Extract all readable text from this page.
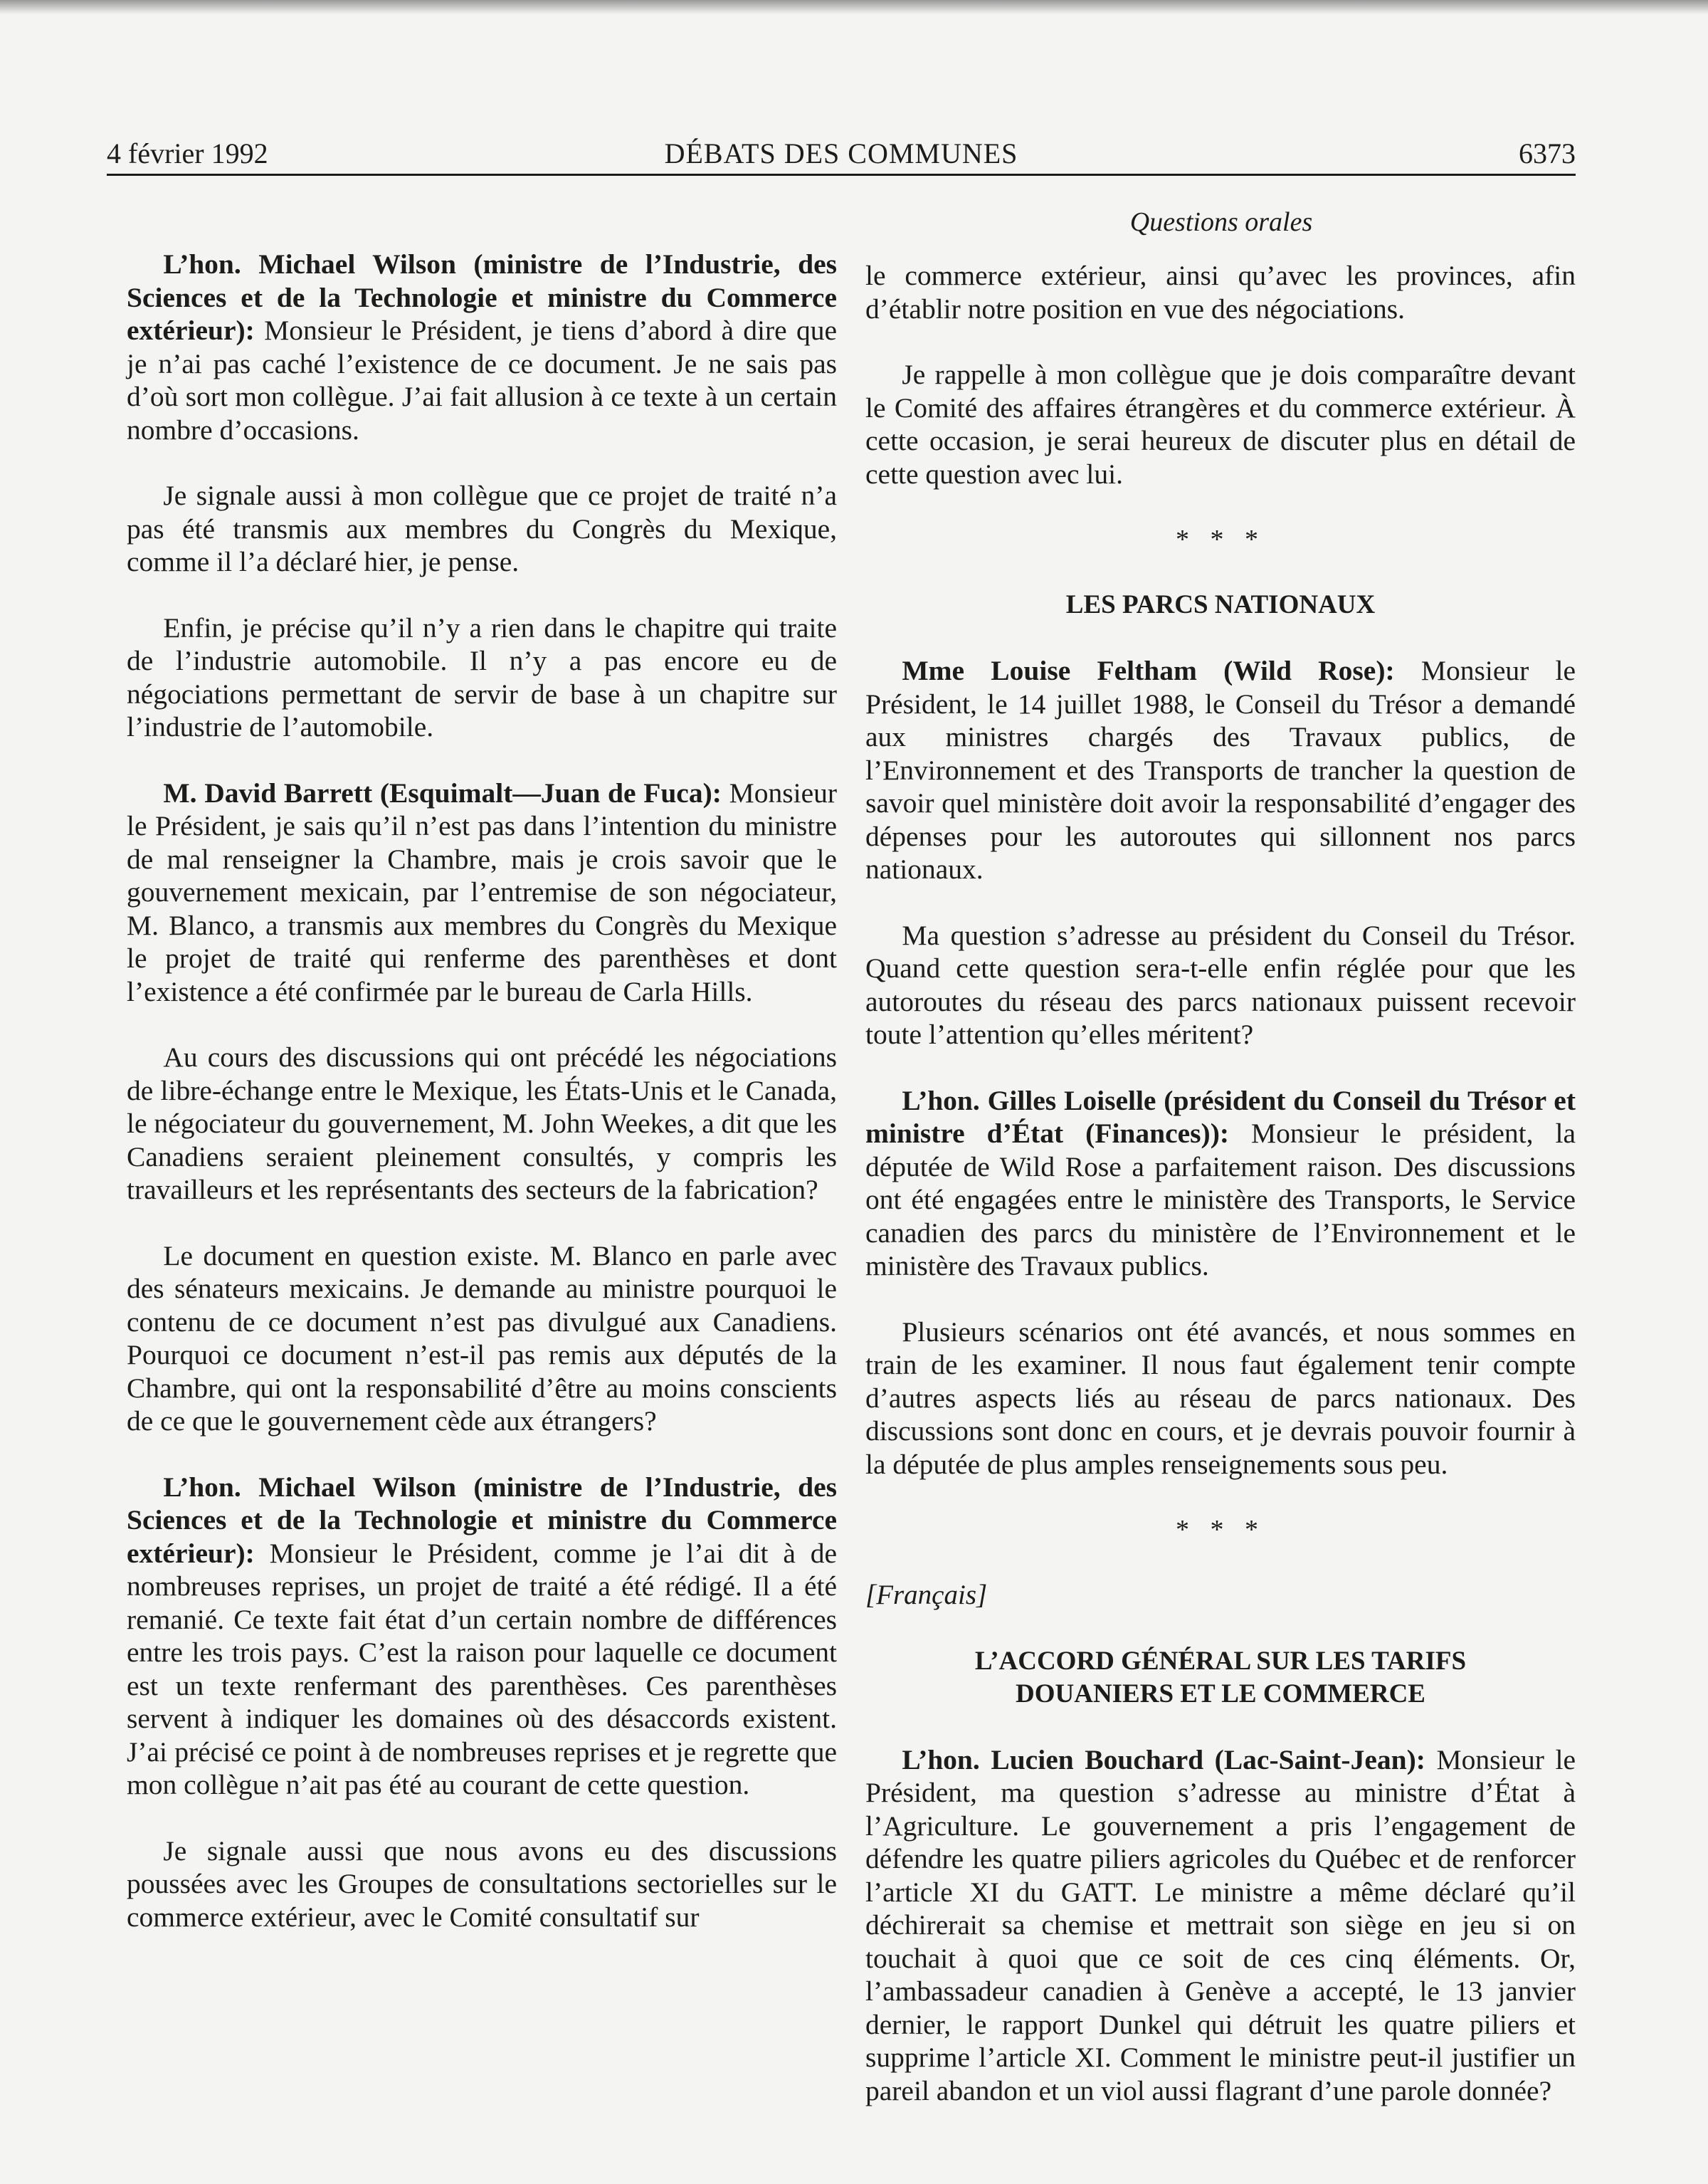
4 février 1992	DÉBATS DES COMMUNES	6373
Questions orales

L’hon. Michael Wilson (ministre de l’Industrie, des Sciences et de la Technologie et ministre du Commerce extérieur): Monsieur le Président, je tiens d’abord à dire que je n’ai pas caché l’existence de ce document. Je ne sais pas d’où sort mon collègue. J’ai fait allusion à ce texte à un certain nombre d’occasions.

Je signale aussi à mon collègue que ce projet de traité n’a pas été transmis aux membres du Congrès du Mexique, comme il l’a déclaré hier, je pense.

Enfin, je précise qu’il n’y a rien dans le chapitre qui traite de l’industrie automobile. Il n’y a pas encore eu de négociations permettant de servir de base à un chapitre sur l’industrie de l’automobile.

M. David Barrett (Esquimalt—Juan de Fuca): Monsieur le Président, je sais qu’il n’est pas dans l’intention du ministre de mal renseigner la Chambre, mais je crois savoir que le gouvernement mexicain, par l’entremise de son négociateur, M. Blanco, a transmis aux membres du Congrès du Mexique le projet de traité qui renferme des parenthèses et dont l’existence a été confirmée par le bureau de Carla Hills.

Au cours des discussions qui ont précédé les négociations de libre-échange entre le Mexique, les États-Unis et le Canada, le négociateur du gouvernement, M. John Weekes, a dit que les Canadiens seraient pleinement consultés, y compris les travailleurs et les représentants des secteurs de la fabrication?

Le document en question existe. M. Blanco en parle avec des sénateurs mexicains. Je demande au ministre pourquoi le contenu de ce document n’est pas divulgué aux Canadiens. Pourquoi ce document n’est-il pas remis aux députés de la Chambre, qui ont la responsabilité d’être au moins conscients de ce que le gouvernement cède aux étrangers?

L’hon. Michael Wilson (ministre de l’Industrie, des Sciences et de la Technologie et ministre du Commerce extérieur): Monsieur le Président, comme je l’ai dit à de nombreuses reprises, un projet de traité a été rédigé. Il a été remanié. Ce texte fait état d’un certain nombre de différences entre les trois pays. C’est la raison pour laquelle ce document est un texte renfermant des parenthèses. Ces parenthèses servent à indiquer les domaines où des désaccords existent. J’ai précisé ce point à de nombreuses reprises et je regrette que mon collègue n’ait pas été au courant de cette question.

Je signale aussi que nous avons eu des discussions poussées avec les Groupes de consultations sectorielles sur le commerce extérieur, avec le Comité consultatif sur

le commerce extérieur, ainsi qu’avec les provinces, afin d’établir notre position en vue des négociations.

Je rappelle à mon collègue que je dois comparaître devant le Comité des affaires étrangères et du commerce extérieur. À cette occasion, je serai heureux de discuter plus en détail de cette question avec lui.

* * *
LES PARCS NATIONAUX

Mme Louise Feltham (Wild Rose): Monsieur le Président, le 14 juillet 1988, le Conseil du Trésor a demandé aux ministres chargés des Travaux publics, de l’Environnement et des Transports de trancher la question de savoir quel ministère doit avoir la responsabilité d’engager des dépenses pour les autoroutes qui sillonnent nos parcs nationaux.

Ma question s’adresse au président du Conseil du Trésor. Quand cette question sera-t-elle enfin réglée pour que les autoroutes du réseau des parcs nationaux puissent recevoir toute l’attention qu’elles méritent?

L’hon. Gilles Loiselle (président du Conseil du Trésor et ministre d’État (Finances)): Monsieur le président, la députée de Wild Rose a parfaitement raison. Des discussions ont été engagées entre le ministère des Transports, le Service canadien des parcs du ministère de l’Environnement et le ministère des Travaux publics.

Plusieurs scénarios ont été avancés, et nous sommes en train de les examiner. Il nous faut également tenir compte d’autres aspects liés au réseau de parcs nationaux. Des discussions sont donc en cours, et je devrais pouvoir fournir à la députée de plus amples renseignements sous peu.

* * *
[Français]
L’ACCORD GÉNÉRAL SUR LES TARIFS
DOUANIERS ET LE COMMERCE

L’hon. Lucien Bouchard (Lac-Saint-Jean): Monsieur le Président, ma question s’adresse au ministre d’État à l’Agriculture. Le gouvernement a pris l’engagement de défendre les quatre piliers agricoles du Québec et de renforcer l’article XI du GATT. Le ministre a même déclaré qu’il déchirerait sa chemise et mettrait son siège en jeu si on touchait à quoi que ce soit de ces cinq éléments. Or, l’ambassadeur canadien à Genève a accepté, le 13 janvier dernier, le rapport Dunkel qui détruit les quatre piliers et supprime l’article XI. Comment le ministre peut-il justifier un pareil abandon et un viol aussi flagrant d’une parole donnée?
